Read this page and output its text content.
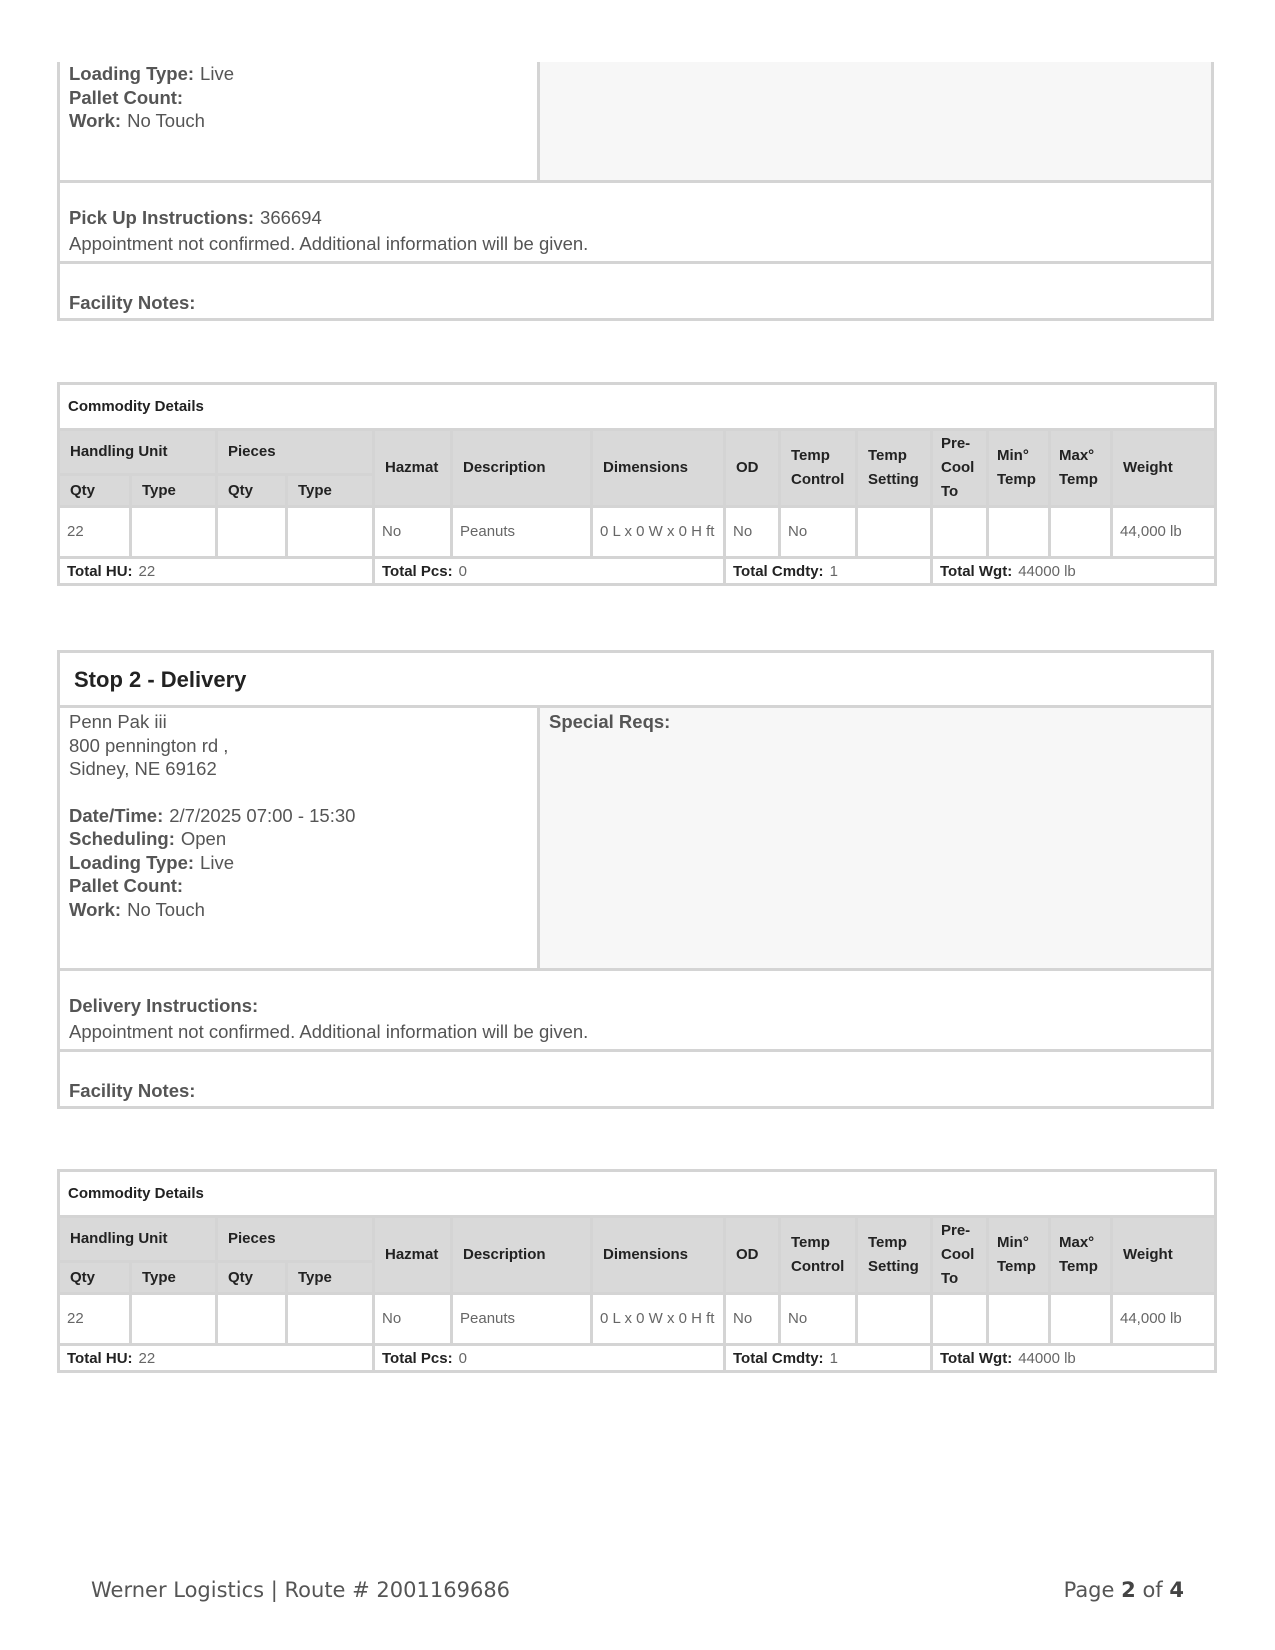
Loading Type: Live
Pallet Count:
Work: No Touch
Pick Up Instructions: 366694
Appointment not confirmed. Additional information will be given.
Facility Notes:
Commodity Details													
Handling Unit		Pieces		Hazmat	Description	Dimensions	OD	Temp Control	Temp Setting	Pre-Cool To	Min° Temp	Max° Temp	Weight
Qty	Type	Qty	Type										
22				No	Peanuts	0 L x 0 W x 0 H ft	No	No					44,000 lb
Total HU: 22				Total Pcs: 0			Total Cmdty: 1			Total Wgt: 44000 lb			
Stop 2 - Delivery
Penn Pak iii
800 pennington rd ,
Sidney, NE 69162
Date/Time: 2/7/2025 07:00 - 15:30
Scheduling: Open
Loading Type: Live
Pallet Count:
Work: No Touch
Special Reqs:
Delivery Instructions:
Appointment not confirmed. Additional information will be given.
Facility Notes:
Commodity Details													
Handling Unit		Pieces		Hazmat	Description	Dimensions	OD	Temp Control	Temp Setting	Pre-Cool To	Min° Temp	Max° Temp	Weight
Qty	Type	Qty	Type										
22				No	Peanuts	0 L x 0 W x 0 H ft	No	No					44,000 lb
Total HU: 22				Total Pcs: 0			Total Cmdty: 1			Total Wgt: 44000 lb			
Werner Logistics | Route # 2001169686	Page 2 of 4
